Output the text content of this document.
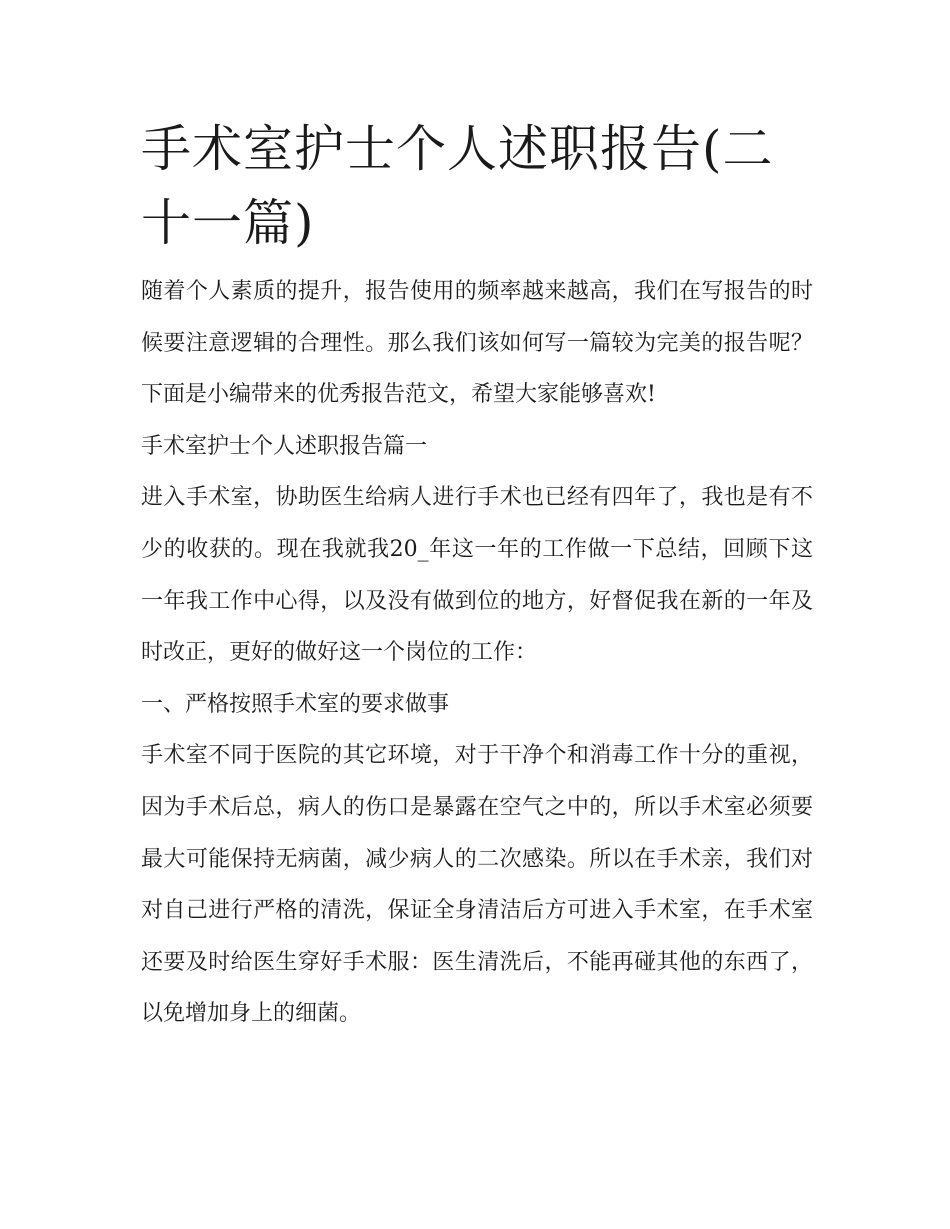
手术室护士个人述职报告(二十一篇)

随着个人素质的提升，报告使用的频率越来越高，我们在写报告的时候要注意逻辑的合理性。那么我们该如何写一篇较为完美的报告呢？下面是小编带来的优秀报告范文，希望大家能够喜欢!

手术室护士个人述职报告篇一

进入手术室，协助医生给病人进行手术也已经有四年了，我也是有不少的收获的。现在我就我20_年这一年的工作做一下总结，回顾下这一年我工作中心得，以及没有做到位的地方，好督促我在新的一年及时改正，更好的做好这一个岗位的工作：

一、严格按照手术室的要求做事

手术室不同于医院的其它环境，对于干净个和消毒工作十分的重视，因为手术后总，病人的伤口是暴露在空气之中的，所以手术室必须要最大可能保持无病菌，减少病人的二次感染。所以在手术亲，我们对对自己进行严格的清洗，保证全身清洁后方可进入手术室，在手术室还要及时给医生穿好手术服：医生清洗后，不能再碰其他的东西了，以免增加身上的细菌。
